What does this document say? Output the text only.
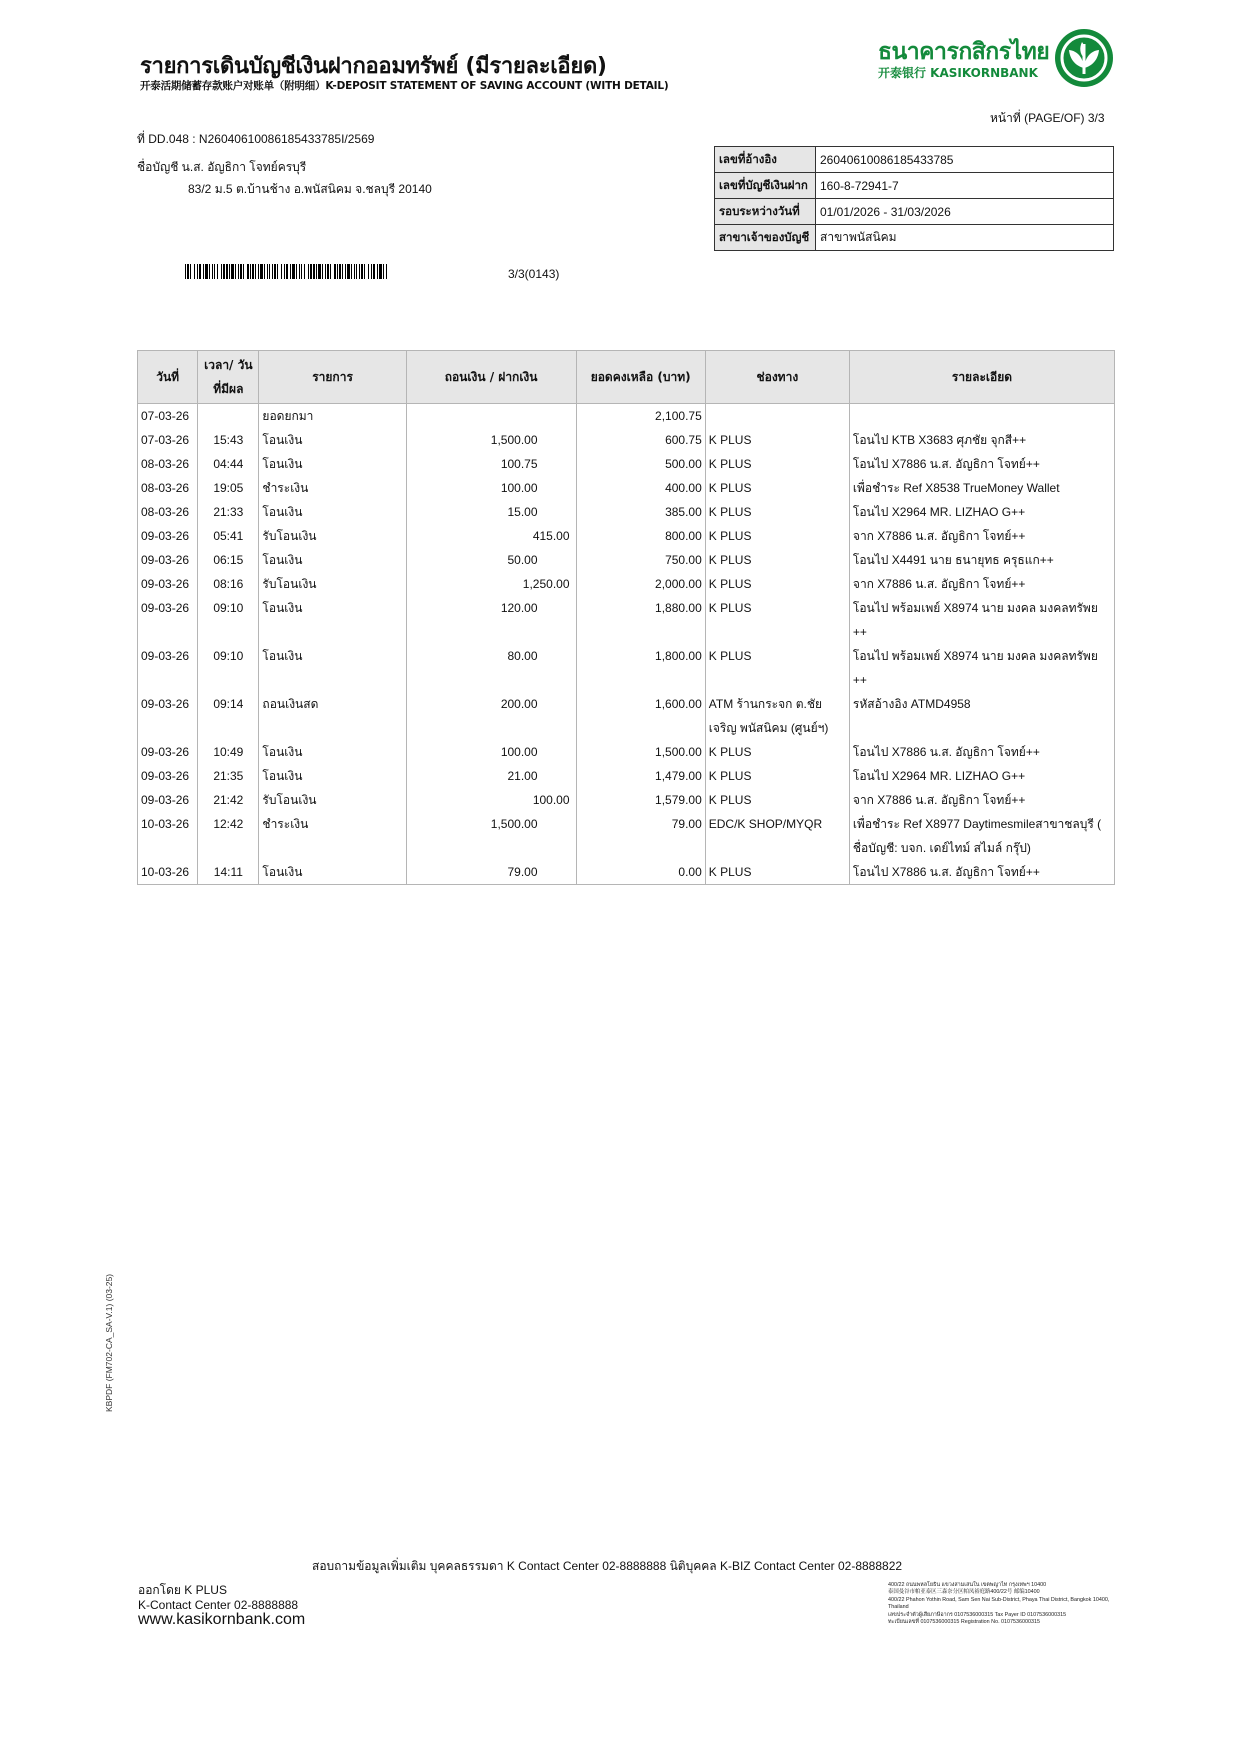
รายการเดินบัญชีเงินฝากออมทรัพย์ (มีรายละเอียด)
开泰活期储蓄存款账户对账单（附明细）K-DEPOSIT STATEMENT OF SAVING ACCOUNT (WITH DETAIL)
ธนาคารกสิกรไทย
开泰银行 KASIKORNBANK
หน้าที่ (PAGE/OF) 3/3
ที่ DD.048 : N26040610086185433785I/2569
ชื่อบัญชี น.ส. อัญธิกา โจทย์ครบุรี
83/2 ม.5 ต.บ้านช้าง อ.พนัสนิคม จ.ชลบุรี 20140
เลขที่อ้างอิง	26040610086185433785
เลขที่บัญชีเงินฝาก	160-8-72941-7
รอบระหว่างวันที่	01/01/2026 - 31/03/2026
สาขาเจ้าของบัญชี	สาขาพนัสนิคม
3/3(0143)
วันที่	เวลา/ วันที่มีผล	รายการ	ถอนเงิน / ฝากเงิน	ยอดคงเหลือ (บาท)	ช่องทาง	รายละเอียด
07-03-26		ยอดยกมา		2,100.75		
07-03-26	15:43	โอนเงิน	1,500.00	600.75	K PLUS	โอนไป KTB X3683 ศุภชัย จุกสี++
08-03-26	04:44	โอนเงิน	100.75	500.00	K PLUS	โอนไป X7886 น.ส. อัญธิกา โจทย์++
08-03-26	19:05	ชำระเงิน	100.00	400.00	K PLUS	เพื่อชำระ Ref X8538 TrueMoney Wallet
08-03-26	21:33	โอนเงิน	15.00	385.00	K PLUS	โอนไป X2964 MR. LIZHAO G++
09-03-26	05:41	รับโอนเงิน	415.00	800.00	K PLUS	จาก X7886 น.ส. อัญธิกา โจทย์++
09-03-26	06:15	โอนเงิน	50.00	750.00	K PLUS	โอนไป X4491 นาย ธนายุทธ ครุธแก++
09-03-26	08:16	รับโอนเงิน	1,250.00	2,000.00	K PLUS	จาก X7886 น.ส. อัญธิกา โจทย์++
09-03-26	09:10	โอนเงิน	120.00	1,880.00	K PLUS	โอนไป พร้อมเพย์ X8974 นาย มงคล มงคลทรัพย ++
09-03-26	09:10	โอนเงิน	80.00	1,800.00	K PLUS	โอนไป พร้อมเพย์ X8974 นาย มงคล มงคลทรัพย ++
09-03-26	09:14	ถอนเงินสด	200.00	1,600.00	ATM ร้านกระจก ต.ชัยเจริญ พนัสนิคม (ศูนย์ฯ)	รหัสอ้างอิง ATMD4958
09-03-26	10:49	โอนเงิน	100.00	1,500.00	K PLUS	โอนไป X7886 น.ส. อัญธิกา โจทย์++
09-03-26	21:35	โอนเงิน	21.00	1,479.00	K PLUS	โอนไป X2964 MR. LIZHAO G++
09-03-26	21:42	รับโอนเงิน	100.00	1,579.00	K PLUS	จาก X7886 น.ส. อัญธิกา โจทย์++
10-03-26	12:42	ชำระเงิน	1,500.00	79.00	EDC/K SHOP/MYQR	เพื่อชำระ Ref X8977 Daytimesmileสาขาชลบุรี ( ชื่อบัญชี: บจก. เดย์ไทม์ สไมล์ กรุ๊ป)
10-03-26	14:11	โอนเงิน	79.00	0.00	K PLUS	โอนไป X7886 น.ส. อัญธิกา โจทย์++
KBPDF (FM702-CA_SA-V.1) (03-25)
สอบถามข้อมูลเพิ่มเติม บุคคลธรรมดา K Contact Center 02-8888888 นิติบุคคล K-BIZ Contact Center 02-8888822
ออกโดย K PLUS
K-Contact Center 02-8888888
www.kasikornbank.com
400/22 ถนนพหลโยธิน แขวงสามเสนใน เขตพญาไท กรุงเทพฯ 10400
泰国曼谷市帕亚泰区三森奈分区帕凤裕庭路400/22号 邮编10400
400/22 Phahon Yothin Road, Sam Sen Nai Sub-District, Phaya Thai District, Bangkok 10400, Thailand
เลขประจำตัวผู้เสียภาษีอากร 0107536000315 Tax Payer ID 0107536000315
ทะเบียนเลขที่ 0107536000315 Registration No. 0107536000315
